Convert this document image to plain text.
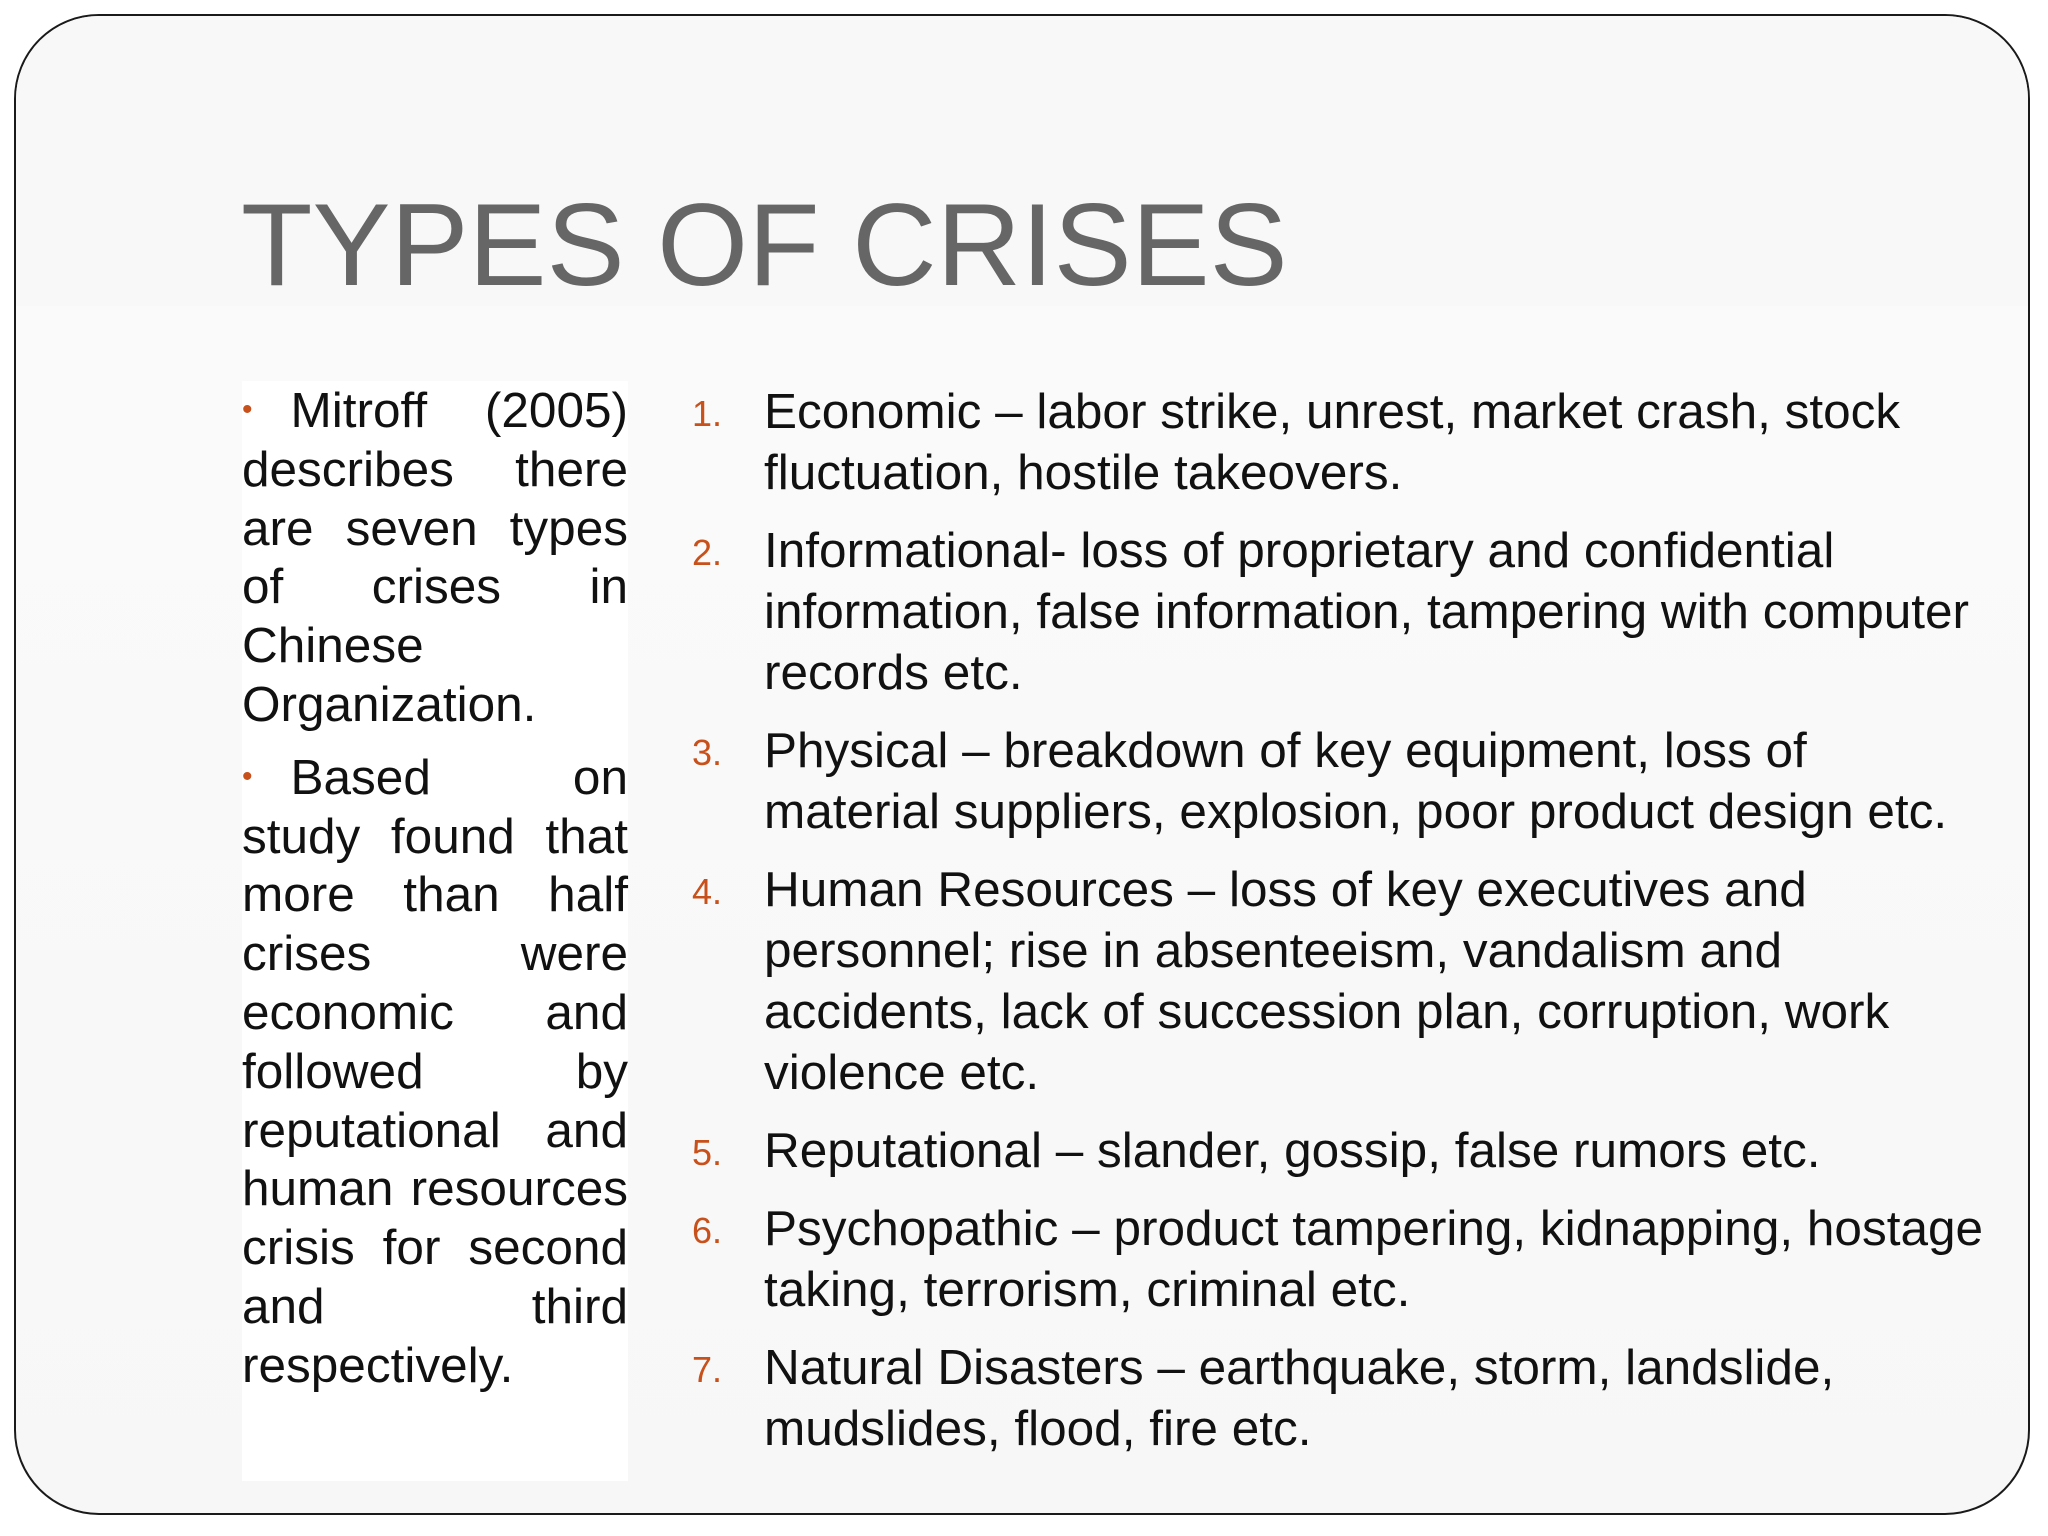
TYPES OF CRISES

• Mitroff (2005) describes there are seven types of crises in Chinese Organization.

• Based on study found that more than half crises were economic and followed by reputational and human resources crisis for second and third respectively.

1. Economic – labor strike, unrest, market crash, stock fluctuation, hostile takeovers.
2. Informational- loss of proprietary and confidential information, false information, tampering with computer records etc.
3. Physical – breakdown of key equipment, loss of material suppliers, explosion, poor product design etc.
4. Human Resources – loss of key executives and personnel; rise in absenteeism, vandalism and accidents, lack of succession plan, corruption, work violence etc.
5. Reputational – slander, gossip, false rumors etc.
6. Psychopathic – product tampering, kidnapping, hostage taking, terrorism, criminal etc.
7. Natural Disasters – earthquake, storm, landslide, mudslides, flood, fire etc.
